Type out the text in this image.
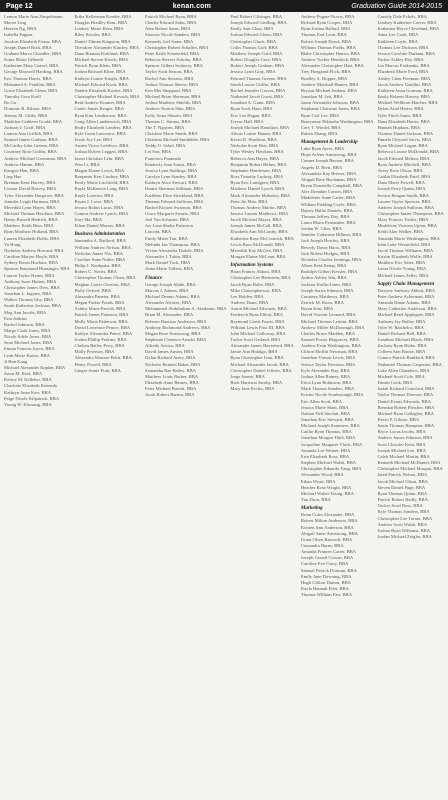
Page 12	kenan.com	Graduation Guide 2014-2015
Lemon Marie Ann Zimpelmann
Moore Ling
Heaven Ng, BBA
Isabella Pappas
Jacobus Elizabeth Evans, BBA
Joseph Daniel Roth, BBA
Graham Marco Chandler, BBA
Sonia Marie Gilbreth
Katherine Mary Gravel, BBA
George Maxwell Harding, BBA
Eric Thomas Harris, BBA
Mohamed A. Fatallah, BBA
Grace Elizabeth Glenn, BBA
Timothy Gore Kroll
Bo Gu
Dominic B. Kilmer, BBA
Jeremy M. Gibbs, BBA
Madelyn Cathleen Gould, BBA
Jackson J. Graff, BBA
Lauren Ann Griffith, BBA
Samuel James Graham, BBA
McCarthy John Greene, BBA
Courtney Rose Griffin, BBA
Andrew Michael Grossman, BBA
Andrew Hamm, BBA
Kangyu Han, BBA
Ling Hao
Brennan Kent Harvey, BBA
Connor David Harvey, BBA
Tyler Alexander Hargrove, BBA
Jennifer Leigh Hartman, BBA
Meredith Lynn Hayes, BBA
Michael Thomas Hawkins, BBA
Henry Russell Hedrick, BBA
Matthew Keith Hess, BBA
Ryan Matthew Holland, BBA
Lauren Elizabeth Hollis, BBA
Yu Hong
Nicholas Andrew Howard, BBA
Caroline Marion Hoyle, BBA
Sydney Roses Huckins, BBA
Spencer Raymond Hunsinger, BBA
Lauren Taylor Hynes, BBA
Anthony Isaac Hutton, BBA
Christopher James Ilves, BBA
Jonathan L. Ingram, BBA
Walker Thomas Irby, BBA
Sarah Katherine Jackson, BBA
Meg Ann Jacobs, BBA
Erin Jenkins
Rachel Johnson, BBA
Margo Clark Jones, BBA
Nicole Adele Jones, BBA
Sean Michael Jones, BBA
Emma Frances Joyce, BBA
Leah Marie Kaiser, BBA
Ji Hun Kang
Michael Alexander Kaplan, BBA
Jason M. Keel, BBA
Kelsey M. Kelleher, BBA
Charlotte Elizabeth Kennedy
Kathryn Anne Kerr, BBA
Paige Nicole Kilpatrick, BBA
Young W. Khosung, BBA
Erika Kellerman Kemler, BBA
Douglas Bradley Kent, BBA
Lindsey Marie Kern, BBA
Riley Kessler, BBA
Daniel Tilman Kingston, BBA
Theodore Alexander Kinsley, BBA
Dana Brianna Kirkland, BBA
Michael Steven Kirsch, BBA
Patrick Ryan Klein, BBA
Jordan Richard Kline, BBA
Kathryn Louise Knight, BBA
Michael Edward Koch, BBA
Natalie Elizabeth Kocher, BBA
Christopher Michael Kovach, BBA
Reid Andrew Kramer, BBA
Carter James Kruger, BBA
Ryan Kim Lamberson, BBA
Craig Allen Landenwich, BBA
Emily Elizabeth Landers, BBA
Kyle Grant Lawrence, BBA
Jessie Joy Lee, BBA
Austin Victor Lefebvre, BBA
Joshua Robert Leggett, BBA
Jason Christian Lehr, BBA
Wen Li, BBA
Megan Elaine Lewis, BBA
Benjamin Kerr Lindsey, BBA
Emily Marie Litchfield, BBA
Kayla McKenzie Long, BBA
Kayla Lorenzo, BBA
Bryan J. Lowe, BBA
Jessica Robin Lucas, BBA
Connor Andrew Lynch, BBA
Jiayi Ma, BBA
Ethan Daniel Macias, BBA
Business Administration
Samantha A. Radford, BBA
William Andrew Nelson, BBA
Nicholas James Nix, BBA
Caroline Anne Noble, BBA
Philip J. Nordquist, BBA
Robert C. Norris, BBA
Christopher Thomas Olsen, BBA
Meghan Carter Overton, BBA
Holly Oxford, BBA
Alexandra Panetta, BBA
Megan Parker Ponds, BBA
Ashley Marie Parrish, BBA
Patrick James Paterson, BBA
Molly Marie Patterson, BBA
David Lawrence Pearce, BBA
Kaitlyn Alexandra Pence, BBA
Jordan Phillip Perkins, BBA
Chelsea Bailey Perry, BBA
Molly Peterson, BBA
Alexandra Monroe Pettit, BBA
Henry Powell, BBA
Ginger Annie Pratt, BBA
Patrick Michael Ryan, BBA
Charlie Edward Salas, BBA
Alex Robert Sams, BBA
Shawna Nicole Sanders, BBA
Kennedy Joel Sauer, BBA
Christopher Robert Schaffer, BBA
Peter Keith Schoenfeld, BBA
Rebecca Sievers Scholtz, BBA
Spencer Gilbert Seaberry, BBA
Taylor Scott Seaton, BBA
Rachel Ann Serrano, BBA
Joshua Thomas Sheets, BBA
Ken Mei Sheppard, BBA
Michael Brian Sherman, BBA
Joshua Matthew Shields, BBA
Andrew Norton Shin, BBA
Kelly Anna Shuster, BBA
Thomas C. Simms, BBA
The T. Nguyen, BBA
Christine Marie Smith, BBA
Christina Michael Smithdale, BBA
Teddy O. Sobel, BBA
Lei Son, BBA
Francisco Paranada
Kimberly Jean Souza, BBA
Jessica Lynn Stallings, BBA
Carolyn Lynn Stanley, BBA
Kathryn Alice Stewart, BBA
Dmitri Sherman Stillman, BBA
Kathleen Elise Strickland, BBA
Thomas Edward Sullivan, BBA
Rachel Kirsten Swanson, BBA
Grace Margaret Swartz, BBA
Joel Van Schuster, BBA
Joy Lena Shultz Patterson
Lincoln, BBA
Emily Marie Tan, BBA
Melinda Jan Thompson, BBA
Vivian Alexandra Tisdale, BBA
Alexander J. Tobin, BBA
Mark Daniel Tock, BBA
Anna Marie Tolbert, BBA
Finance
George Joseph Abide, BBA
Marcus J. Adams, BBA
Michael Dennis Adams, BBA
Alexander Alvarez, BBA
Mohammed Abdulrahim A. Alzahrani, BBA
Brian M. Alexander, BBA
Roberto Bautista Anderson, BBA
Anthony Richmond Andrews, BBA
Megan Rose Armstrong, BBA
Stephanie Clarence Arnold, BBA
Alfredo Arvizu, BBA
David James Austin, BBA
Dylan Richard Avery, BBA
Nicholas Bennett Baker, BBA
Samantha Rae Bailey, BBA
Matthew Louis Barber, BBA
Elizabeth Anne Barnes, BBA
Peter Michael Barrett, BBA
Jacob Robert Barton, BBA
Paul Robert Gilsinger, BBA
Joseph Edward Girdling, BBA
Emily Ann Glass, BBA
Joshua Edward Glenn, BBA
Christopher Gluck, BBA
Colin Thomas Goff, BBA
Matthew Joseph Gold, BBA
Robert Douglas Gore, BBA
Robert Joseph Graham, BBA
Jessica Lynn Gray, BBA
Edward Thomas Greene, BBA
Sarah Louise Griffin, BBA
Rachel Jennifer Groves, BBA
Nathaniel Jacob Guest, BBA
Jonathan A. Gunn, BBA
Ryan Scott Haas, BBA
Eric Lee Hagan, BBA
Trevor Hall, BBA
Joseph Michael Hamilton, BBA
Alison Louise Hamm, BBA
Kevin D. Hardison, BBA
Nicholas Scott Hart, BBA
Tyler Wesley Hawkins, BBA
Rebecca Ann Hayes, BBA
Benjamin Robert Helms, BBA
Stephanie Henderson, BBA
Ross Timothy Ludwig, BBA
Ryan Eric Lundgren, BBA
Matthew Daniel Lynch, BBA
Mark Alexander Mahoney, BBA
Peter Jin Mao, BBA
Thomas Andrew Martin, BBA
Jessica Lauren Matthews, BBA
Jacob Michael Mayer, BBA
Joseph James McCall, BBA
Elizabeth Ann McCarthy, BBA
Katherine Rose McCormick, BBA
Lewis Ross McDonald, BBA
Meredith Kay McGee, BBA
Morgan Elaine McLean, BBA
Information Systems
Brian Francis Abbott, BBA
Christopher Lee Bernstein, BBA
Jacob Ryan Boler, BBA
Mike Christopherson, BBA
Lee Holden, BBA
Andrew Dunn, BBA
Aaron Michael Edwards, BBA
Frederick Ryan Elliott, BBA
Raymond Gerrit Foster, BBA
William Lewis Fritz III, BBA
John Michael Galloway, BBA
Taylor Scott Garland, BBA
Alexander James Haverford, BBA
Jamie Ann Hidalgo, BBA
Ryan Christopher Ivan, BBA
Michael Alexander Jacob, BBA
Christopher Daniel Jeffries, BBA
Jorge Juarez, BBA
Brett Harrison Jacoby, BBA
Mary Jane Eccles, BBA
Andrew Fugate-Norris, BBA
Richard Ryan Cooper, BBA
Ryan Joshua Ballard, BBA
Thomas Earl Leon, BBA
Robert Joseph Dowd, BBA
William Thomas Fields, BBA
Blake Christopher Hames, BBA
Andrew Tucker Hendrick, BBA
Alexander Christopher Hart, BBA
Trey Hoegaard Flick, BBA
Bradley A. Hopper, BBA
Andrew Marshall Hunter, BBA
Bryson Michael Jenkins, BBA
Jonathan M. Jett, BBA
Jason Alexander Johnson, BBA
Stephanie Christine Jones, BBA
Ryan Carl Lee, BBA
Braeyonne Nikinaba Washington, BBA
Cory T. Wiedel, BBA
Ruben Zhang, BBA
Management & Leadership
Luke Ryan Ayres, BBA
Hope Arlene Armstrong, BBA
Conner Joseph Bessen, BBA
Angelo D. Brett, BBA
Alexandria Kay Brewer, BBA
Abigail Rose Buchanan, BBA
Bryan Donatello Campbell, BBA
Alex Brendan Carson, BBA
Madeleine Anne Carter, BBA
William Fielding Coyle, BBA
Daisey Hallie Daniels, BBA
Thomas Jeffrey Day, BBA
Laura Maria Fernandez, BBA
Jordan W. Giles, BBA
Jennifer Catherine Hillmer, BBA
Jack Joseph Howley, BBA
Beverly Dawn Hurst, BBA
Jack Robert Hodges, BBA
Nicholas Charles Jennings, BBA
Albert Reid Kemp, BBA
Rudolph Gilbert Kessler, BBA
Arthur Ashley Ishi, BBA
Jackson Kaffin Jones, BBA
Joseph Sartra Johnson, BBA
Courtney Matthews, BBA
Zerrick M. Knox, BBA
Bryan Kim, BBA
David Vincent Leonard, BBA
Michael Thomas Lentini, BBA
Andrew Miller McDonough, BBA
Charles Bruce Madden, BBA
Samuel Foster Hargraves, BBA
Andrew Evan Washington, BBA
Clifton Moffitt Newman, BBA
Jonathan Vinson Lewis, BBA
Jessica Taylor Peterson, BBA
Kyle Alexander Ray, BBA
Joshua Allen Rainey, BBA
Erica Lynn Robinson, BBA
Mark Thomas Sanders, BBA
Kristin Nicole Scarborough, BBA
Eric Allen Scott, BBA
Jessica Marie Shaw, BBA
Nathan Neil Sinclair, BBA
Jonathan Eric Steward, BBA
Michael Joseph Summers, BBA
Caitlin Ryan Thomas, BBA
Jonathan Morgan Thiel, BBA
Jacqueline Margaret Vlock, BBA
Amanda Lee Weiner, BBA
Erin Elizabeth Ross, BBA
Stephen Michael Walsh, BBA
Christopher Eduardo Yang, BBA
Alexander Wood, BBA
Ethan Wyatt, BBA
Heather Rose Wright, BBA
Michael Walter Young, BBA
Yan Zhou, BBA
Marketing
Brian Coles Alexander, BBA
Robert Milton Anderson, BBA
Kirsten Ann Anderson, BBA
Abigail Anne Armstrong, BBA
Grant Olsen Bancroft, BBA
Cassandra Burns, BBA
Amanda Frances Carter, BBA
Joseph Gerard Cowan, BBA
Caroline Eve Curry, BBA
Samuel Patrick Dorman, BBA
Emily Jane Downing, BBA
Hugh Clifton Dutton, BBA
Kayla Hannah Eiler, BBA
Thomas William Farr, BBA
Cassidy Dale Eckels, BBA
Lindsey Katherine Carver, BBA
Katherine Bryce Cleveland, BBA
Anna Lee Cook, BBA
Kathleen Coyle, BBA
Thomas Lee Dickson, BBA
Jessica Caroline Durham, BBA
Nickie Ashley Eby, BBA
Lin Marcus Fairbanks, BBA
Elizabeth Marie Ford, BBA
Ashley Chen Freeman, BBA
Jacob Andrew Gauldin, BBA
Kathleen Anna Gorman, BBA
Emily Roberts Harvey, BBA
Michael Wellborn Hatcher, BBA
Dylan Ariel Hester, BBA
Tyler Finch Jones, BBA
Dana Elizabeth Harris, BBA
Hannah Hopkins, BBA
Thomas Daniel Jackson, BBA
Pamela Chrystal Jarvis, BBA
Ryan Michael Logan, BBA
Rebecca Louise McDonald, BBA
Jacob Edward Melton, BBA
Ryan Andrew Mitchell, BBA
Avery Rose Olson, BBA
Caitlin Elizabeth Patel, BBA
Dana Marie Powell, BBA
Joseph Perry Quinn, BBA
Jessica Reagan Smith, BBA
Lauren Taylor Spencer, BBA
Andrew Joseph Sullivan, BBA
Christopher James Thompson, BBA
Mary Frances Tucker, BBA
Madeleine Victoria Upton, BBA
Keith Alan Walker, BBA
Amanda Marie Washington, BBA
John Luke Westerfield, BBA
Jacob Thomas Williams, BBA
Kristin Elizabeth Wolfe, BBA
Matthew Eric Yates, BBA
Laura Nicole Young, BBA
Michael James Zeller, BBA
Supply Chain Management
Dwayne Anthony Abbott, BBA
Peter Andrew Ackerman, BBA
Amanda Diane Adams, BBA
Mary Catherine Anderson, BBA
Michael Reed Applegate, BBA
Anthony Jay Bailey, BBA
Tyler W. Batchelor, BBA
Daniel Richard Bell, BBA
Jonathan Michael Black, BBA
Zachary Ryan Blake, BBA
Colleen Ann Boone, BBA
Connor Patrick Bradford, BBA
Nathaniel Thomas Carpenter, BBA
Luke Allen Chambers, BBA
Michael Scott Cole, BBA
Dustin Cook, BBA
Isaiah Richard Crawford, BBA
Taylor Thomas Dawson, BBA
Daniel Evans Edwards, BBA
Brendan Robert Fletcher, BBA
Michael Ryan Gallagher, BBA
Kevin P. Gibson, BBA
Justin Thomas Hampton, BBA
Bryce Lucas Jacobs, BBA
Andrew James Johnson, BBA
Scott Chrysler Kent, BBA
Joseph Michael Lee, BBA
Caleb Michael Martin, BBA
Kenneth Michael McDaniel, BBA
Christopher Michael Morgan, BBA
Jared Patrick Nelson, BBA
Jacob Michael Olson, BBA
Steven Daniel Page, BBA
Ryan Thomas Quinn, BBA
Patrick Robert Reilly, BBA
Tucker Scott Ross, BBA
Kyle Thomas Sanders, BBA
Christopher Lee Turner, BBA
Andrew Scott Walsh, BBA
Joshua Ryan Williams, BBA
Jordan Michael Zeigler, BBA
